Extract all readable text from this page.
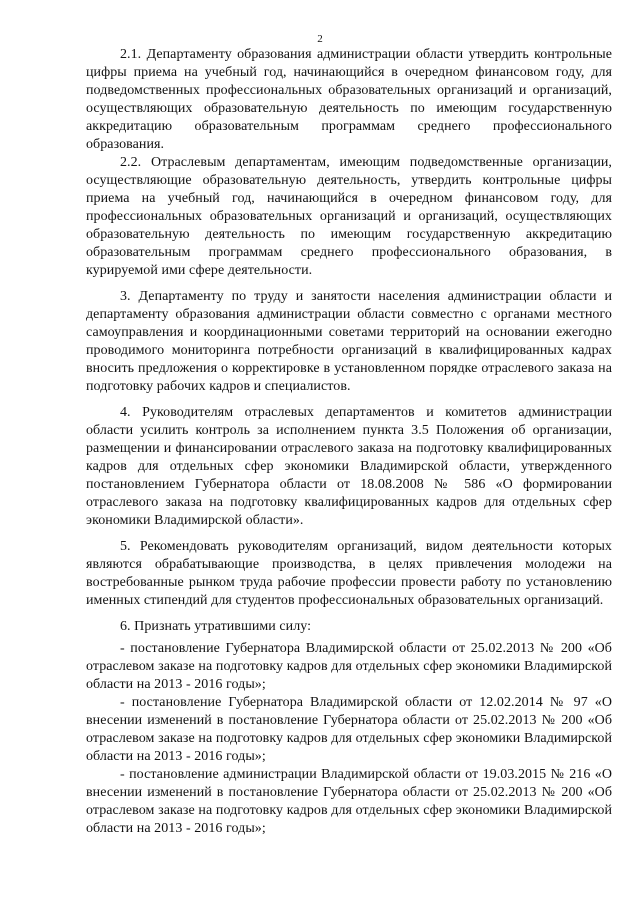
2

2.1. Департаменту образования администрации области утвердить контрольные цифры приема на учебный год, начинающийся в очередном финансовом году, для подведомственных профессиональных образовательных организаций и организаций, осуществляющих образовательную деятельность по имеющим государственную аккредитацию образовательным программам среднего профессионального образования.

2.2. Отраслевым департаментам, имеющим подведомственные организации, осуществляющие образовательную деятельность, утвердить контрольные цифры приема на учебный год, начинающийся в очередном финансовом году, для профессиональных образовательных организаций и организаций, осуществляющих образовательную деятельность по имеющим государственную аккредитацию образовательным программам среднего профессионального образования, в курируемой ими сфере деятельности.

3. Департаменту по труду и занятости населения администрации области и департаменту образования администрации области совместно с органами местного самоуправления и координационными советами территорий на основании ежегодно проводимого мониторинга потребности организаций в квалифицированных кадрах вносить предложения о корректировке в установленном порядке отраслевого заказа на подготовку рабочих кадров и специалистов.

4. Руководителям отраслевых департаментов и комитетов администрации области усилить контроль за исполнением пункта 3.5 Положения об организации, размещении и финансировании отраслевого заказа на подготовку квалифицированных кадров для отдельных сфер экономики Владимирской области, утвержденного постановлением Губернатора области от 18.08.2008 № 586 «О формировании отраслевого заказа на подготовку квалифицированных кадров для отдельных сфер экономики Владимирской области».

5. Рекомендовать руководителям организаций, видом деятельности которых являются обрабатывающие производства, в целях привлечения молодежи на востребованные рынком труда рабочие профессии провести работу по установлению именных стипендий для студентов профессиональных образовательных организаций.

6. Признать утратившими силу:

- постановление Губернатора Владимирской области от 25.02.2013 № 200 «Об отраслевом заказе на подготовку кадров для отдельных сфер экономики Владимирской области на 2013 - 2016 годы»;

- постановление Губернатора Владимирской области от 12.02.2014 № 97 «О внесении изменений в постановление Губернатора области от 25.02.2013 № 200 «Об отраслевом заказе на подготовку кадров для отдельных сфер экономики Владимирской области на 2013 - 2016 годы»;

- постановление администрации Владимирской области от 19.03.2015 № 216 «О внесении изменений в постановление Губернатора области от 25.02.2013 № 200 «Об отраслевом заказе на подготовку кадров для отдельных сфер экономики Владимирской области на 2013 - 2016 годы»;
